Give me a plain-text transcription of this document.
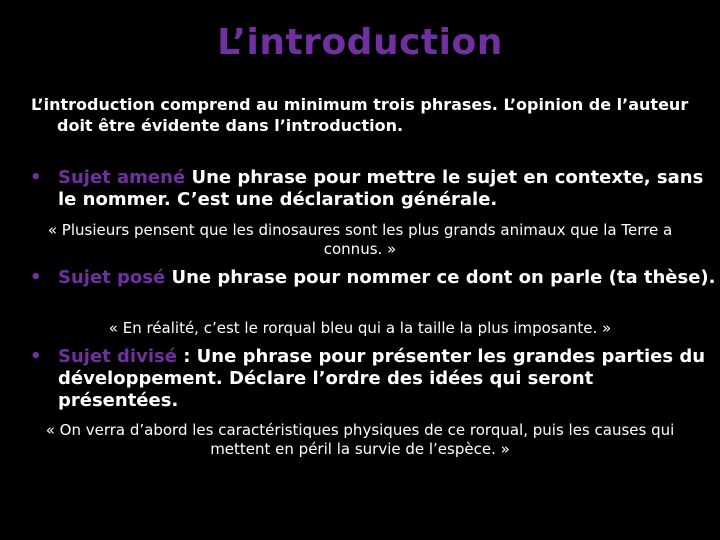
L’introduction
L’introduction comprend au minimum trois phrases. L’opinion de l’auteur doit être évidente dans l’introduction.
• Sujet amené Une phrase pour mettre le sujet en contexte, sans le nommer. C’est une déclaration générale.
« Plusieurs pensent que les dinosaures sont les plus grands animaux que la Terre a connus. »
• Sujet posé Une phrase pour nommer ce dont on parle (ta thèse).
« En réalité, c’est le rorqual bleu qui a la taille la plus imposante. »
• Sujet divisé : Une phrase pour présenter les grandes parties du développement. Déclare l’ordre des idées qui seront présentées.
« On verra d’abord les caractéristiques physiques de ce rorqual, puis les causes qui mettent en péril la survie de l’espèce. »
